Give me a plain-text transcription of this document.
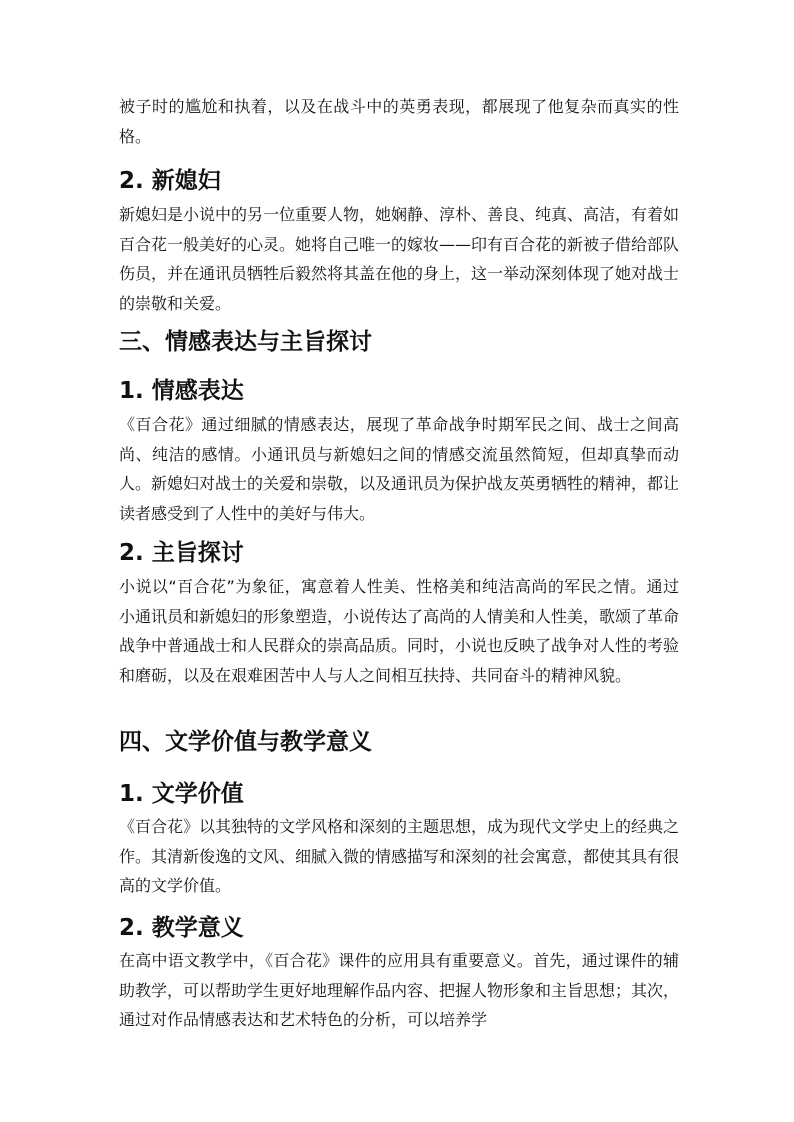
被子时的尴尬和执着，以及在战斗中的英勇表现，都展现了他复杂而真实的性格。

2. 新媳妇

新媳妇是小说中的另一位重要人物，她娴静、淳朴、善良、纯真、高洁，有着如百合花一般美好的心灵。她将自己唯一的嫁妆——印有百合花的新被子借给部队伤员，并在通讯员牺牲后毅然将其盖在他的身上，这一举动深刻体现了她对战士的崇敬和关爱。

三、情感表达与主旨探讨
1. 情感表达

《百合花》通过细腻的情感表达，展现了革命战争时期军民之间、战士之间高尚、纯洁的感情。小通讯员与新媳妇之间的情感交流虽然简短，但却真挚而动人。新媳妇对战士的关爱和崇敬，以及通讯员为保护战友英勇牺牲的精神，都让读者感受到了人性中的美好与伟大。

2. 主旨探讨

小说以“百合花”为象征，寓意着人性美、性格美和纯洁高尚的军民之情。通过小通讯员和新媳妇的形象塑造，小说传达了高尚的人情美和人性美，歌颂了革命战争中普通战士和人民群众的崇高品质。同时，小说也反映了战争对人性的考验和磨砺，以及在艰难困苦中人与人之间相互扶持、共同奋斗的精神风貌。

四、文学价值与教学意义
1. 文学价值

《百合花》以其独特的文学风格和深刻的主题思想，成为现代文学史上的经典之作。其清新俊逸的文风、细腻入微的情感描写和深刻的社会寓意，都使其具有很高的文学价值。

2. 教学意义

在高中语文教学中，《百合花》课件的应用具有重要意义。首先，通过课件的辅助教学，可以帮助学生更好地理解作品内容、把握人物形象和主旨思想；其次，通过对作品情感表达和艺术特色的分析，可以培养学
